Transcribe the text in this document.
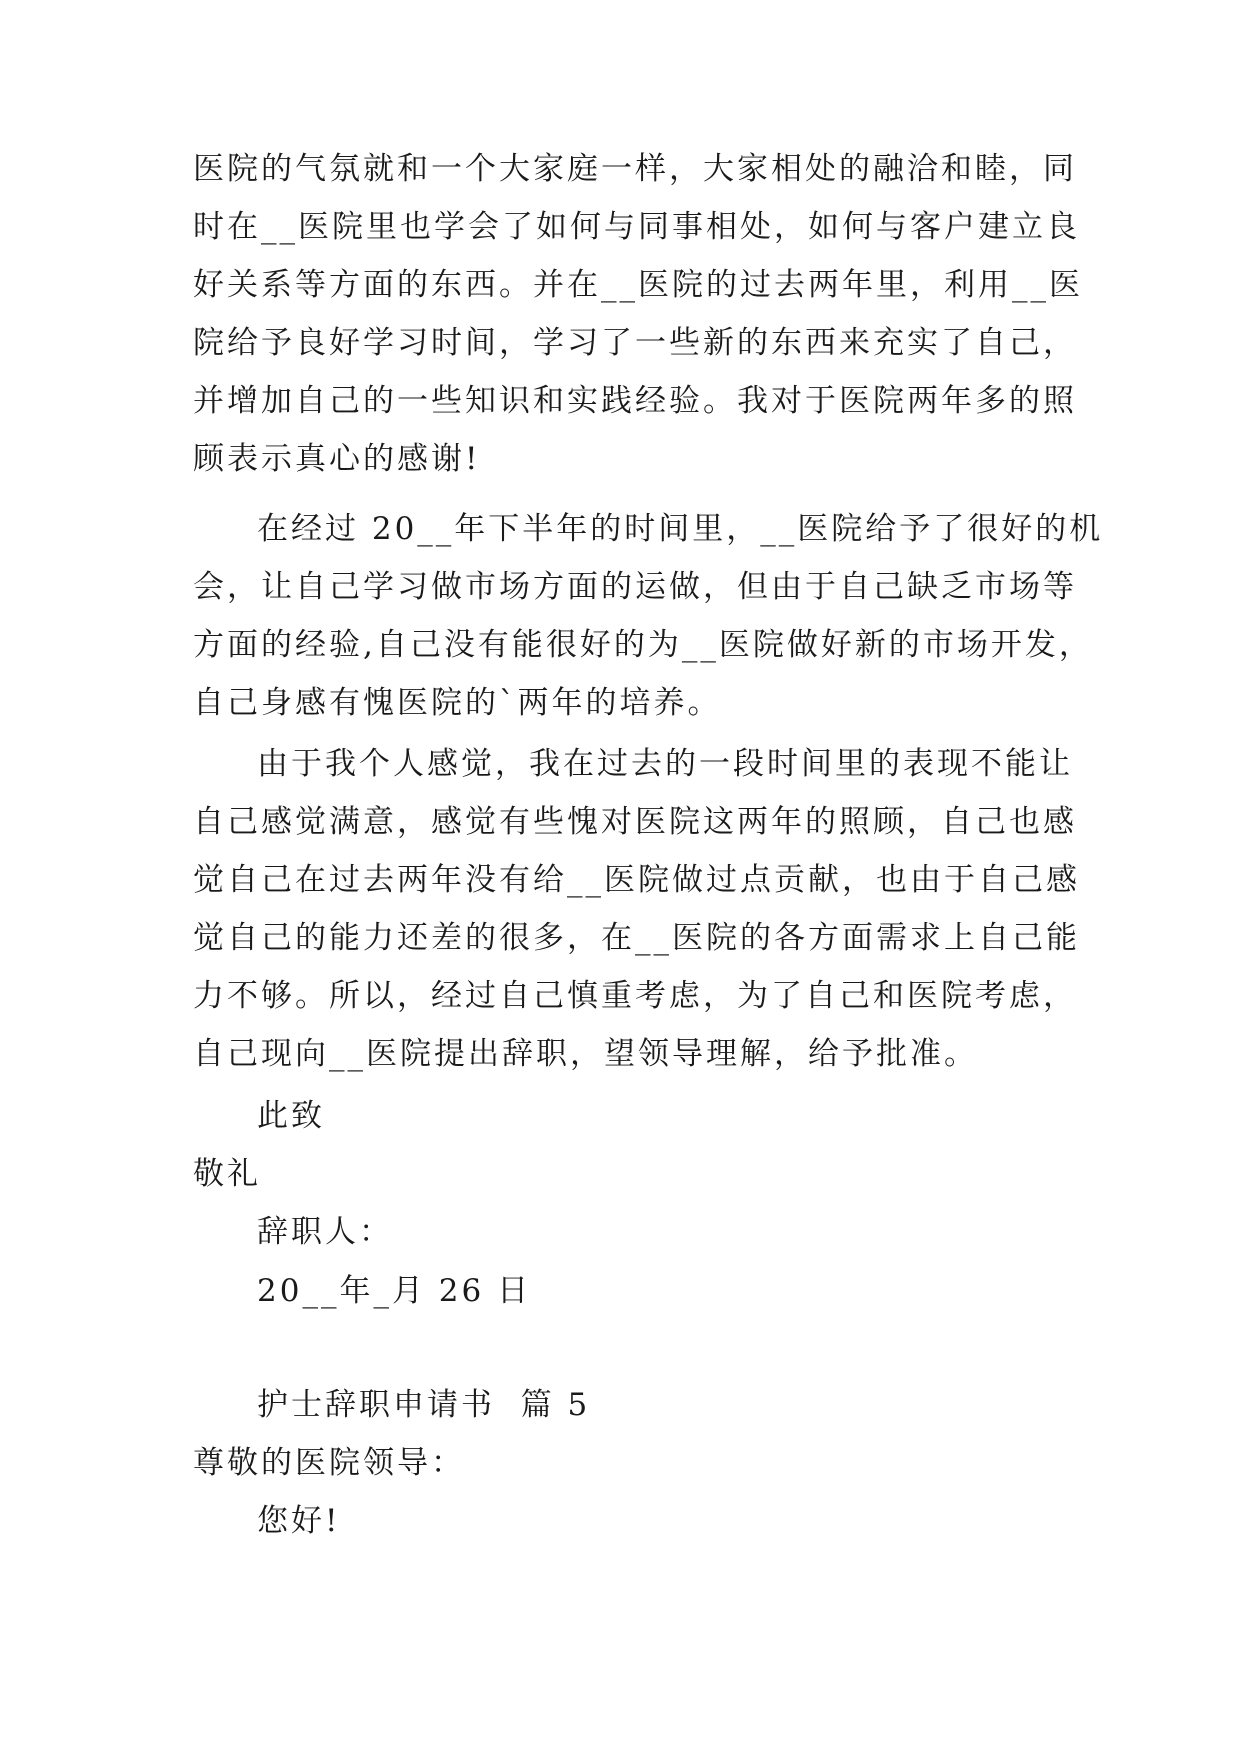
医院的气氛就和一个大家庭一样，大家相处的融洽和睦，同
时在__医院里也学会了如何与同事相处，如何与客户建立良
好关系等方面的东西。并在__医院的过去两年里，利用__医
院给予良好学习时间，学习了一些新的东西来充实了自己，
并增加自己的一些知识和实践经验。我对于医院两年多的照
顾表示真心的感谢!
在经过 20__年下半年的时间里，__医院给予了很好的机
会，让自己学习做市场方面的运做，但由于自己缺乏市场等
方面的经验,自己没有能很好的为__医院做好新的市场开发，
自己身感有愧医院的`两年的培养。
由于我个人感觉，我在过去的一段时间里的表现不能让
自己感觉满意，感觉有些愧对医院这两年的照顾，自己也感
觉自己在过去两年没有给__医院做过点贡献，也由于自己感
觉自己的能力还差的很多，在__医院的各方面需求上自己能
力不够。所以，经过自己慎重考虑，为了自己和医院考虑，
自己现向__医院提出辞职，望领导理解，给予批准。
此致
敬礼
辞职人：
20__年_月 26 日
护士辞职申请书  篇 5
尊敬的医院领导：
您好!
